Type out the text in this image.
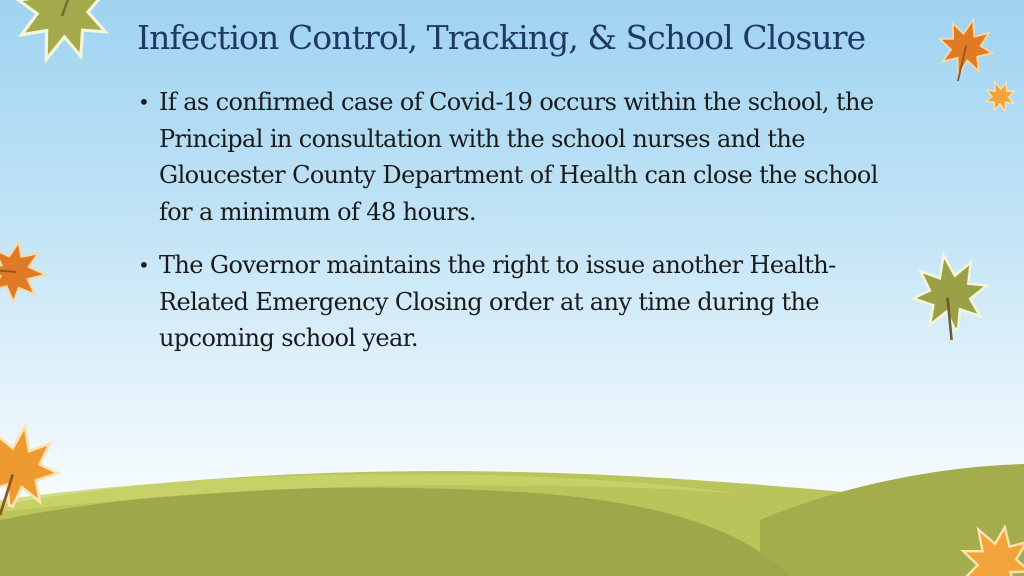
Infection Control, Tracking, & School Closure
• If as confirmed case of Covid-19 occurs within the school, the Principal in consultation with the school nurses and the Gloucester County Department of Health can close the school for a minimum of 48 hours.
• The Governor maintains the right to issue another Health-Related Emergency Closing order at any time during the upcoming school year.
